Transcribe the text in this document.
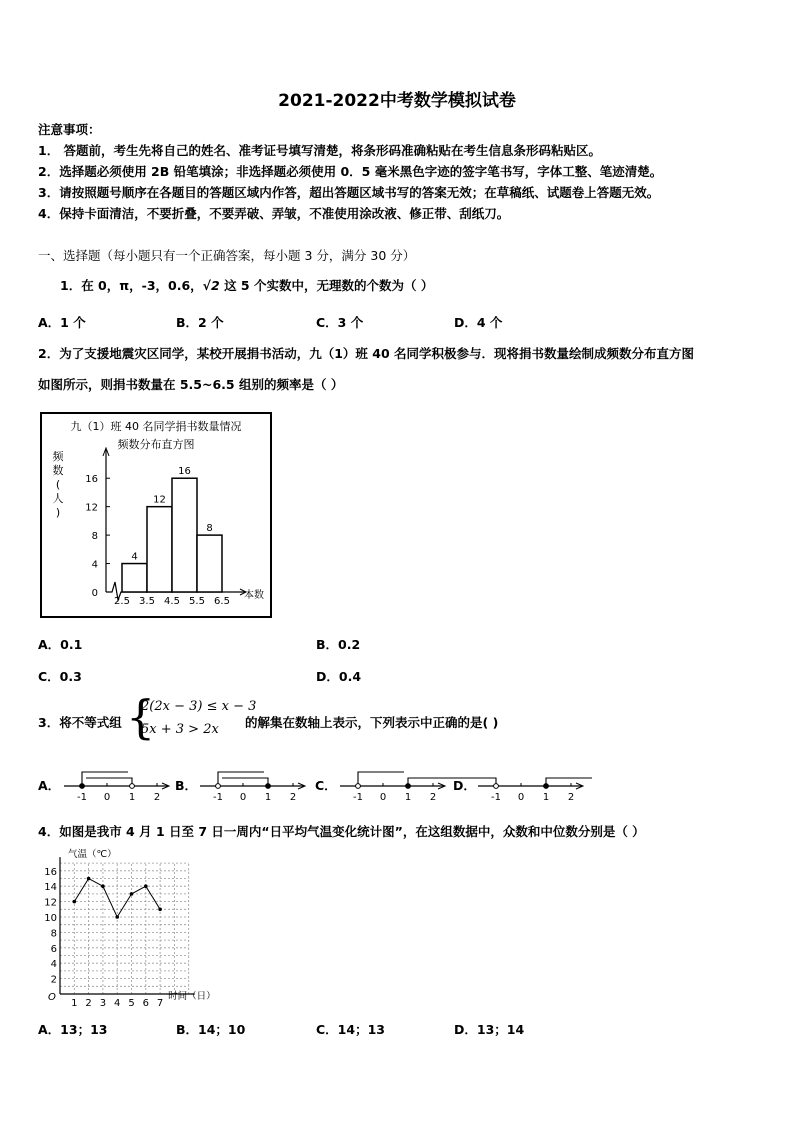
2021-2022中考数学模拟试卷
注意事项：
1． 答题前，考生先将自己的姓名、准考证号填写清楚，将条形码准确粘贴在考生信息条形码粘贴区。
2．选择题必须使用 2B 铅笔填涂；非选择题必须使用 0．5 毫米黑色字迹的签字笔书写，字体工整、笔迹清楚。
3．请按照题号顺序在各题目的答题区域内作答，超出答题区域书写的答案无效；在草稿纸、试题卷上答题无效。
4．保持卡面清洁，不要折叠，不要弄破、弄皱，不准使用涂改液、修正带、刮纸刀。
一、选择题（每小题只有一个正确答案，每小题 3 分，满分 30 分）
1．在 0，π，-3，0.6，√2 这 5 个实数中，无理数的个数为（ ）
A．1 个	B．2 个	C．3 个	D．4 个
2．为了支援地震灾区同学，某校开展捐书活动，九（1）班 40 名同学积极参与．现将捐书数量绘制成频数分布直方图
如图所示，则捐书数量在 5.5~6.5 组别的频率是（ ）
九（1）班 40 名同学捐书数量情况
频数分布直方图
频
数
(
人
)
本数
0
4
8
12
16
4
12
16
8
2.5 3.5 4.5 5.5 6.5
A．0.1	B．0.2
C．0.3	D．0.4
3．将不等式组 {
2(2x − 3) ≤ x − 3
5x + 3 > 2x 的解集在数轴上表示，下列表示中正确的是( )
A．
-1 0 1 2
B．
-1 0 1 2
C．
-1 0 1 2
D．
-1 0 1 2
4．如图是我市 4 月 1 日至 7 日一周内“日平均气温变化统计图”，在这组数据中，众数和中位数分别是（ ）
气温（℃）
时间（日）
O
2
4
6
8
10
12
14
16
1 2 3 4 5 6 7
A．13；13	B．14；10	C．14；13	D．13；14
